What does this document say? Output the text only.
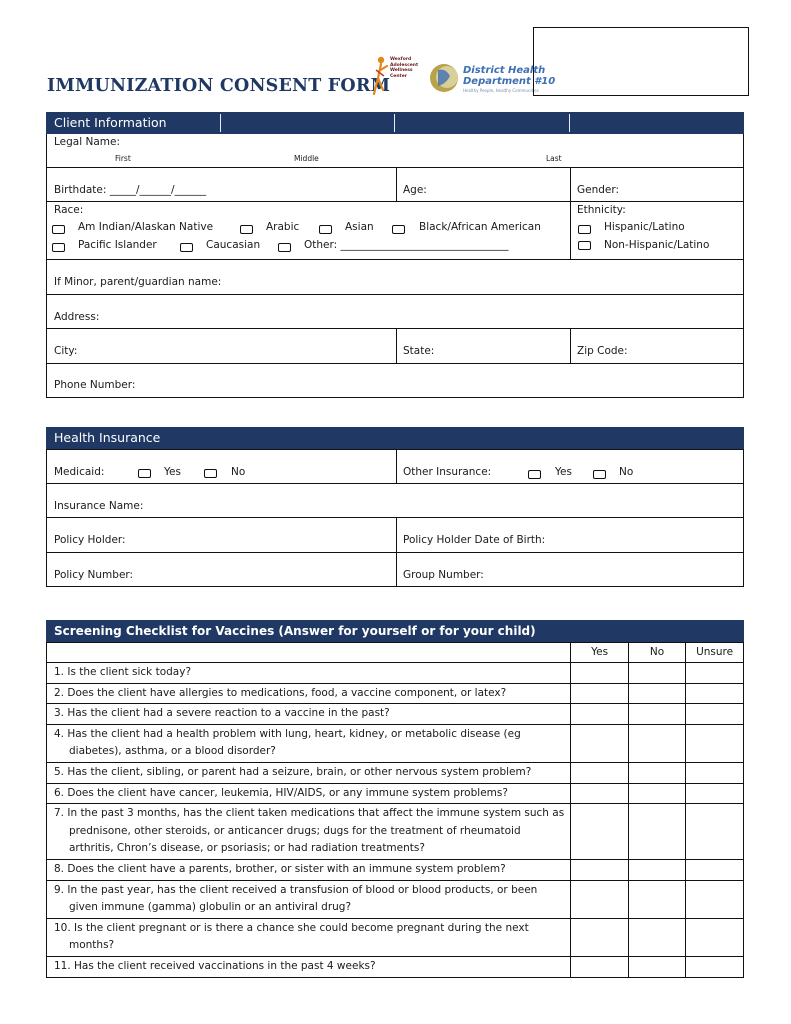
IMMUNIZATION CONSENT FORM
Wexford
Adolescent
Wellness
Center	District Health
Department #10
Healthy People, Healthy Communities
Client Information
Legal Name:
First	Middle	Last
Birthdate: _____/______/______	Age:	Gender:
Race:
Am Indian/Alaskan Native	Arabic	Asian	Black/African American
Pacific Islander	Caucasian	Other: ________________________________
Ethnicity:
Hispanic/Latino
Non-Hispanic/Latino
If Minor, parent/guardian name:
Address:
City:	State:	Zip Code:
Phone Number:
Health Insurance
Medicaid:	Yes	No	Other Insurance:	Yes	No
Insurance Name:
Policy Holder:	Policy Holder Date of Birth:
Policy Number:	Group Number:
Screening Checklist for Vaccines (Answer for yourself or for your child)
	Yes	No	Unsure

1. Is the client sick today?			

2. Does the client have allergies to medications, food, a vaccine component, or latex?			

3. Has the client had a severe reaction to a vaccine in the past?			

4. Has the client had a health problem with lung, heart, kidney, or metabolic disease (eg diabetes), asthma, or a blood disorder?			

5. Has the client, sibling, or parent had a seizure, brain, or other nervous system problem?			

6. Does the client have cancer, leukemia, HIV/AIDS, or any immune system problems?			

7. In the past 3 months, has the client taken medications that affect the immune system such as prednisone, other steroids, or anticancer drugs; dugs for the treatment of rheumatoid arthritis, Chron’s disease, or psoriasis; or had radiation treatments?			

8. Does the client have a parents, brother, or sister with an immune system problem?			

9. In the past year, has the client received a transfusion of blood or blood products, or been given immune (gamma) globulin or an antiviral drug?			

10. Is the client pregnant or is there a chance she could become pregnant during the next months?			

11. Has the client received vaccinations in the past 4 weeks?			
